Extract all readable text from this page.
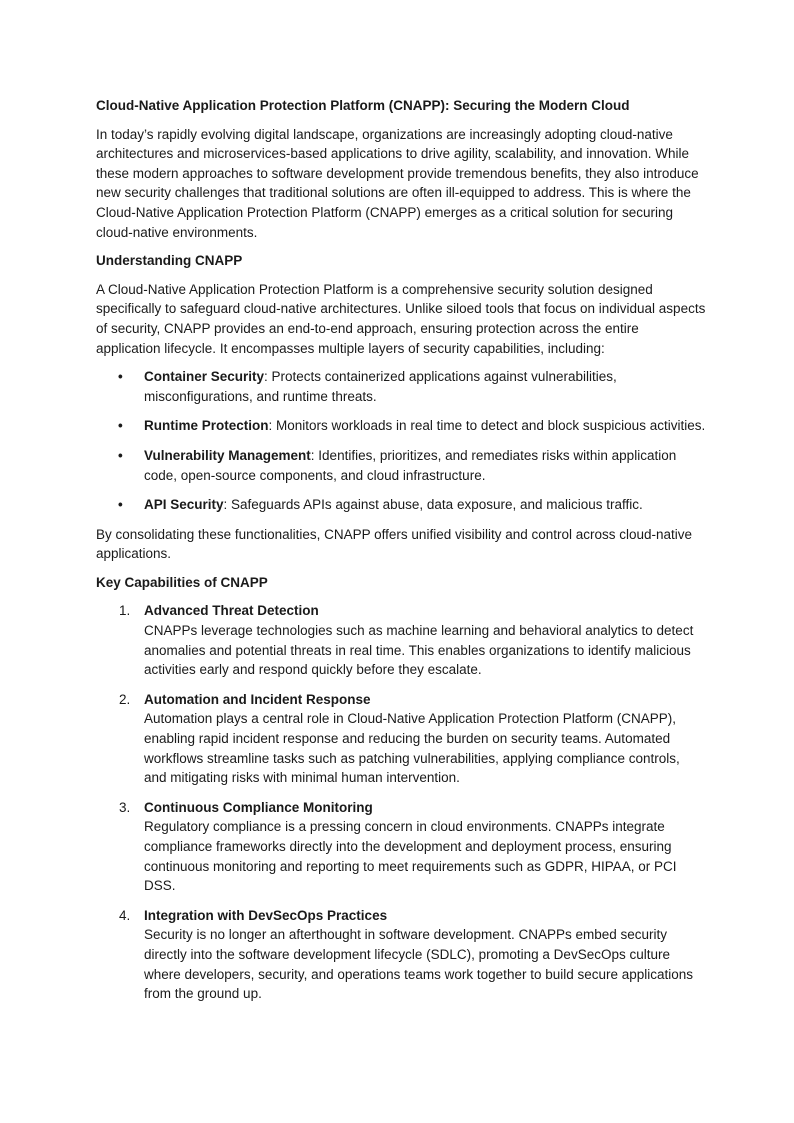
Cloud-Native Application Protection Platform (CNAPP): Securing the Modern Cloud

In today’s rapidly evolving digital landscape, organizations are increasingly adopting cloud-native architectures and microservices-based applications to drive agility, scalability, and innovation. While these modern approaches to software development provide tremendous benefits, they also introduce new security challenges that traditional solutions are often ill-equipped to address. This is where the Cloud-Native Application Protection Platform (CNAPP) emerges as a critical solution for securing cloud-native environments.

Understanding CNAPP

A Cloud-Native Application Protection Platform is a comprehensive security solution designed specifically to safeguard cloud-native architectures. Unlike siloed tools that focus on individual aspects of security, CNAPP provides an end-to-end approach, ensuring protection across the entire application lifecycle. It encompasses multiple layers of security capabilities, including:

• Container Security: Protects containerized applications against vulnerabilities, misconfigurations, and runtime threats.
• Runtime Protection: Monitors workloads in real time to detect and block suspicious activities.
• Vulnerability Management: Identifies, prioritizes, and remediates risks within application code, open-source components, and cloud infrastructure.
• API Security: Safeguards APIs against abuse, data exposure, and malicious traffic.

By consolidating these functionalities, CNAPP offers unified visibility and control across cloud-native applications.

Key Capabilities of CNAPP
1. Advanced Threat Detection
CNAPPs leverage technologies such as machine learning and behavioral analytics to detect anomalies and potential threats in real time. This enables organizations to identify malicious activities early and respond quickly before they escalate.
2. Automation and Incident Response
Automation plays a central role in Cloud-Native Application Protection Platform (CNAPP), enabling rapid incident response and reducing the burden on security teams. Automated workflows streamline tasks such as patching vulnerabilities, applying compliance controls, and mitigating risks with minimal human intervention.
3. Continuous Compliance Monitoring
Regulatory compliance is a pressing concern in cloud environments. CNAPPs integrate compliance frameworks directly into the development and deployment process, ensuring continuous monitoring and reporting to meet requirements such as GDPR, HIPAA, or PCI DSS.
4. Integration with DevSecOps Practices
Security is no longer an afterthought in software development. CNAPPs embed security directly into the software development lifecycle (SDLC), promoting a DevSecOps culture where developers, security, and operations teams work together to build secure applications from the ground up.
